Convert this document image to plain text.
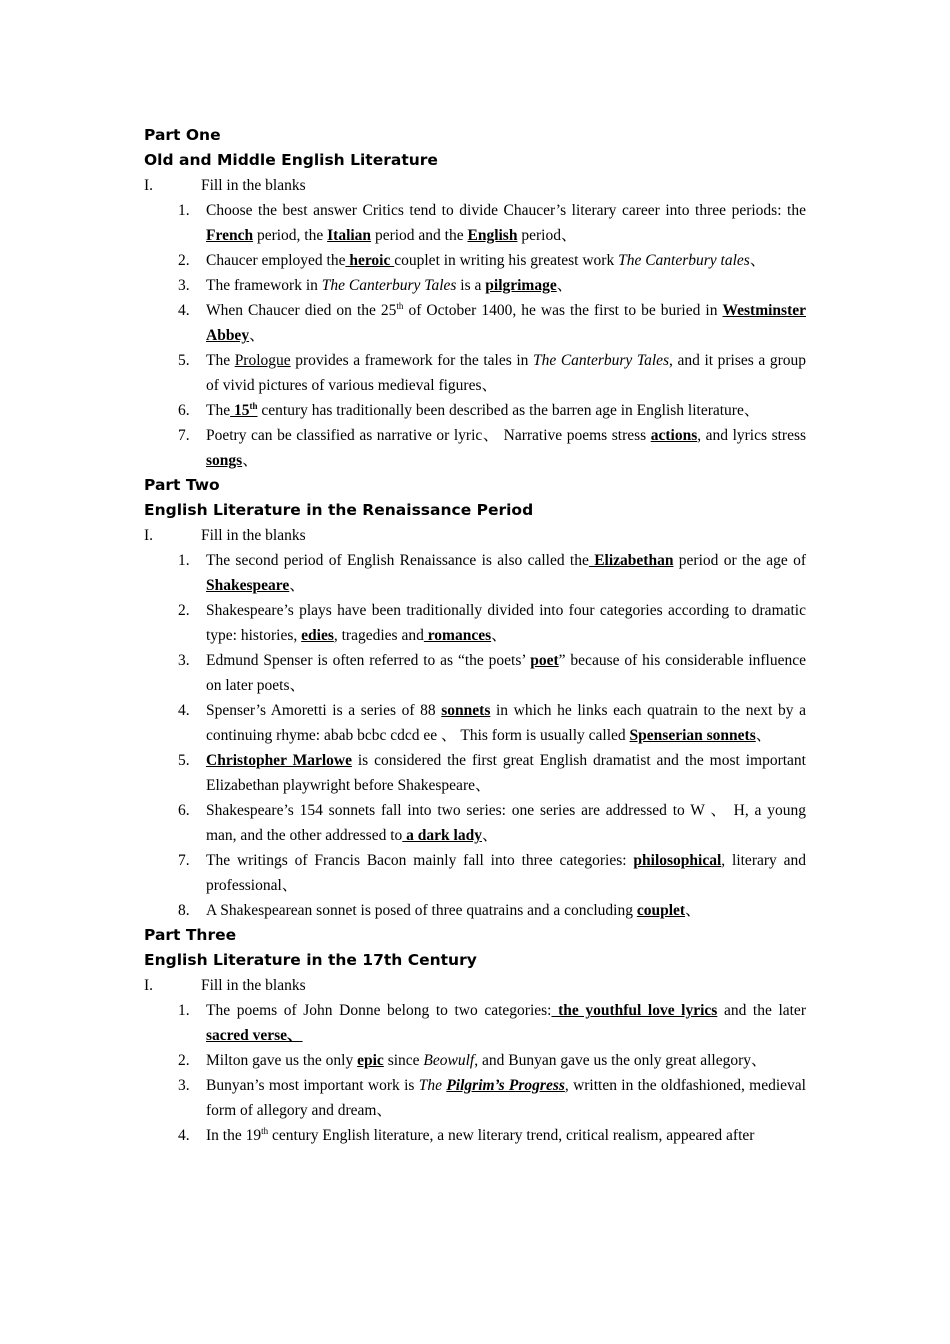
Part One
Old and Middle English Literature
I.	Fill in the blanks
1. Choose the best answer Critics tend to divide Chaucer’s literary career into three periods: the French period, the Italian period and the English period、
2. Chaucer employed the heroic couplet in writing his greatest work The Canterbury tales、
3. The framework in The Canterbury Tales is a pilgrimage、
4. When Chaucer died on the 25th of October 1400, he was the first to be buried in Westminster Abbey、
5. The Prologue provides a framework for the tales in The Canterbury Tales, and it prises a group of vivid pictures of various medieval figures、
6. The 15th century has traditionally been described as the barren age in English literature、
7. Poetry can be classified as narrative or lyric、 Narrative poems stress actions, and lyrics stress songs、
Part Two
English Literature in the Renaissance Period
I.	Fill in the blanks
1. The second period of English Renaissance is also called the Elizabethan period or the age of Shakespeare、
2. Shakespeare’s plays have been traditionally divided into four categories according to dramatic type: histories, edies, tragedies and romances、
3. Edmund Spenser is often referred to as “the poets’ poet” because of his considerable influence on later poets、
4. Spenser’s Amoretti is a series of 88 sonnets in which he links each quatrain to the next by a continuing rhyme: abab bcbc cdcd ee 、 This form is usually called Spenserian sonnets、
5. Christopher Marlowe is considered the first great English dramatist and the most important Elizabethan playwright before Shakespeare、
6. Shakespeare’s 154 sonnets fall into two series: one series are addressed to W 、 H, a young man, and the other addressed to a dark lady、
7. The writings of Francis Bacon mainly fall into three categories: philosophical, literary and professional、
8. A Shakespearean sonnet is posed of three quatrains and a concluding couplet、
Part Three
English Literature in the 17th Century
I.	Fill in the blanks
1. The poems of John Donne belong to two categories: the youthful love lyrics and the later sacred verse、
2. Milton gave us the only epic since Beowulf, and Bunyan gave us the only great allegory、
3. Bunyan’s most important work is The Pilgrim’s Progress, written in the oldfashioned, medieval form of allegory and dream、
4. In the 19th century English literature, a new literary trend, critical realism, appeared after
